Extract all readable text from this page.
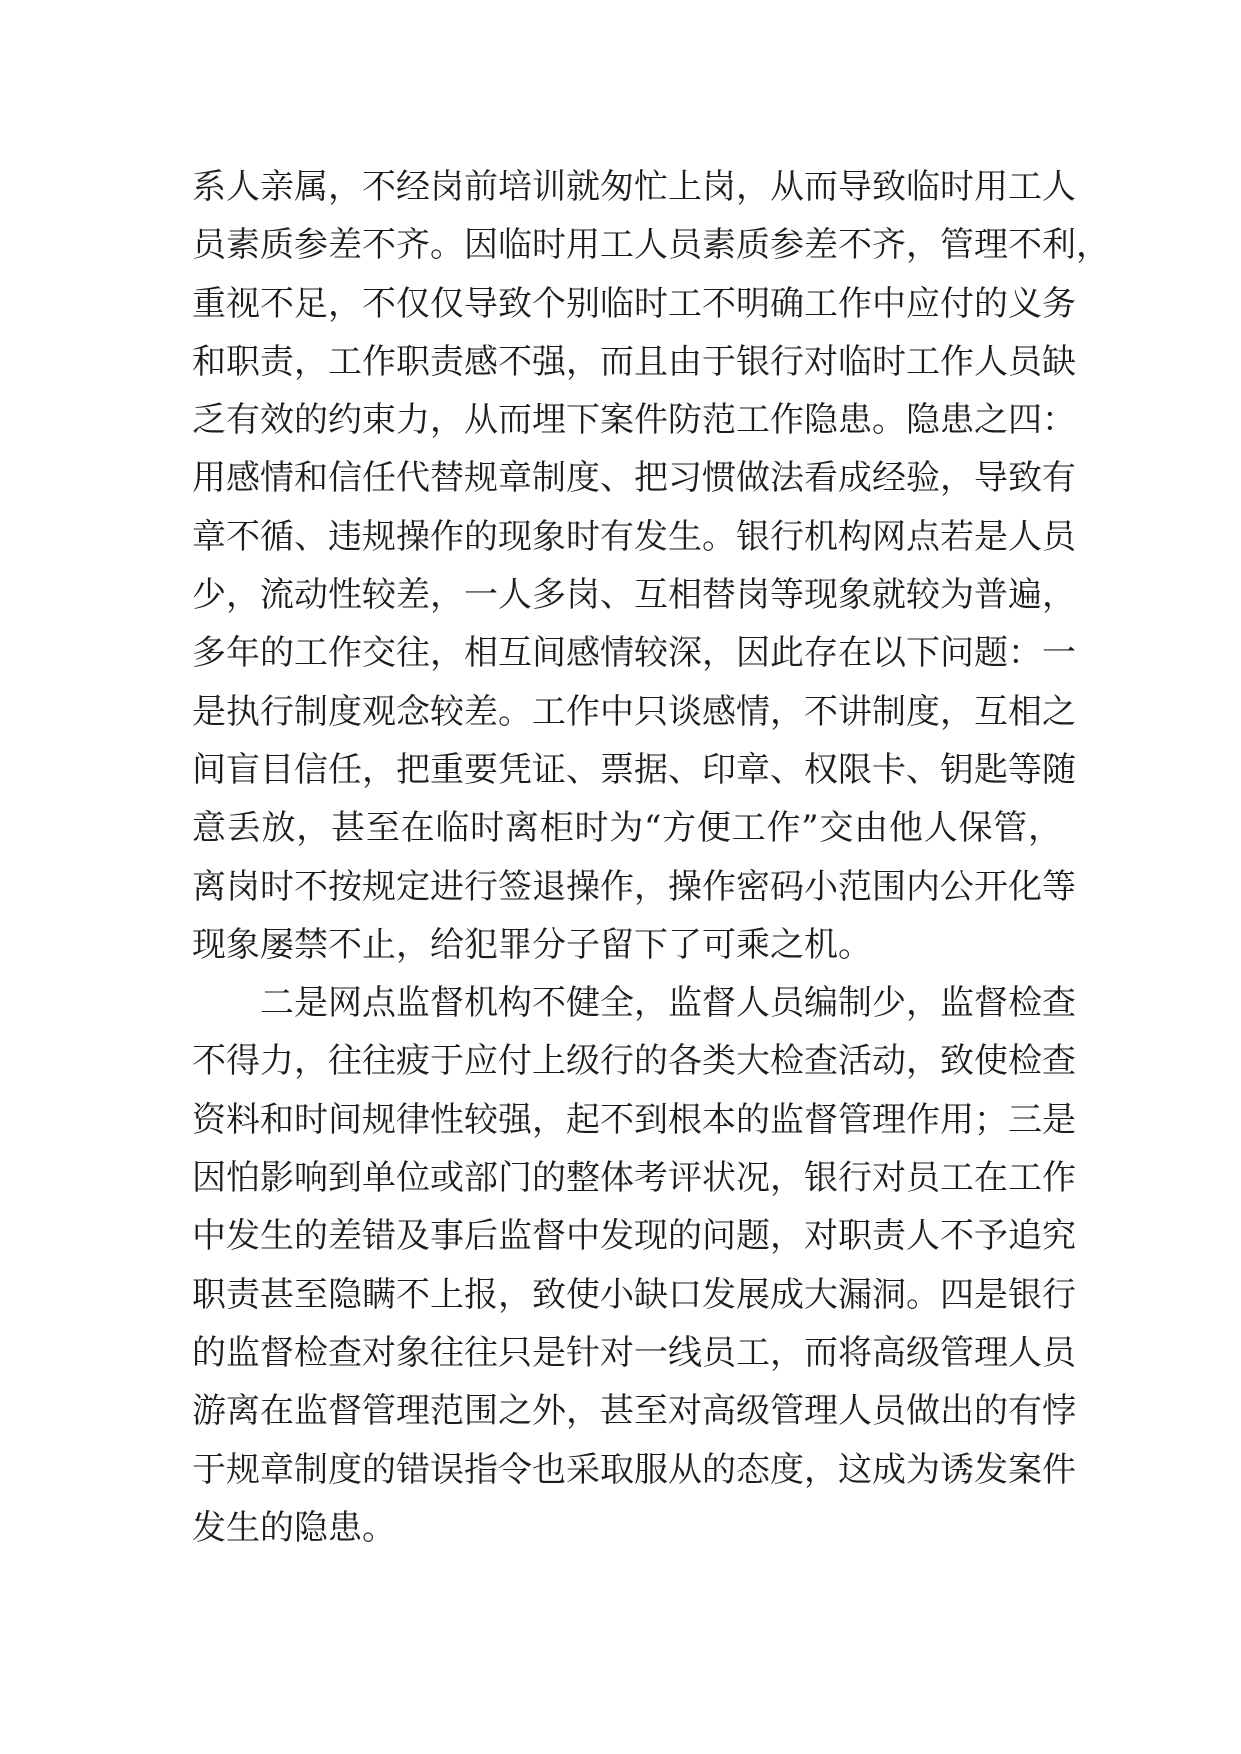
系人亲属，不经岗前培训就匆忙上岗，从而导致临时用工人
员素质参差不齐。因临时用工人员素质参差不齐，管理不利，
重视不足，不仅仅导致个别临时工不明确工作中应付的义务
和职责，工作职责感不强，而且由于银行对临时工作人员缺
乏有效的约束力，从而埋下案件防范工作隐患。隐患之四：
用感情和信任代替规章制度、把习惯做法看成经验，导致有
章不循、违规操作的现象时有发生。银行机构网点若是人员
少，流动性较差，一人多岗、互相替岗等现象就较为普遍，
多年的工作交往，相互间感情较深，因此存在以下问题：一
是执行制度观念较差。工作中只谈感情，不讲制度，互相之
间盲目信任，把重要凭证、票据、印章、权限卡、钥匙等随
意丢放，甚至在临时离柜时为“方便工作”交由他人保管，
离岗时不按规定进行签退操作，操作密码小范围内公开化等
现象屡禁不止，给犯罪分子留下了可乘之机。
二是网点监督机构不健全，监督人员编制少，监督检查
不得力，往往疲于应付上级行的各类大检查活动，致使检查
资料和时间规律性较强，起不到根本的监督管理作用；三是
因怕影响到单位或部门的整体考评状况，银行对员工在工作
中发生的差错及事后监督中发现的问题，对职责人不予追究
职责甚至隐瞒不上报，致使小缺口发展成大漏洞。四是银行
的监督检查对象往往只是针对一线员工，而将高级管理人员
游离在监督管理范围之外，甚至对高级管理人员做出的有悖
于规章制度的错误指令也采取服从的态度，这成为诱发案件
发生的隐患。
